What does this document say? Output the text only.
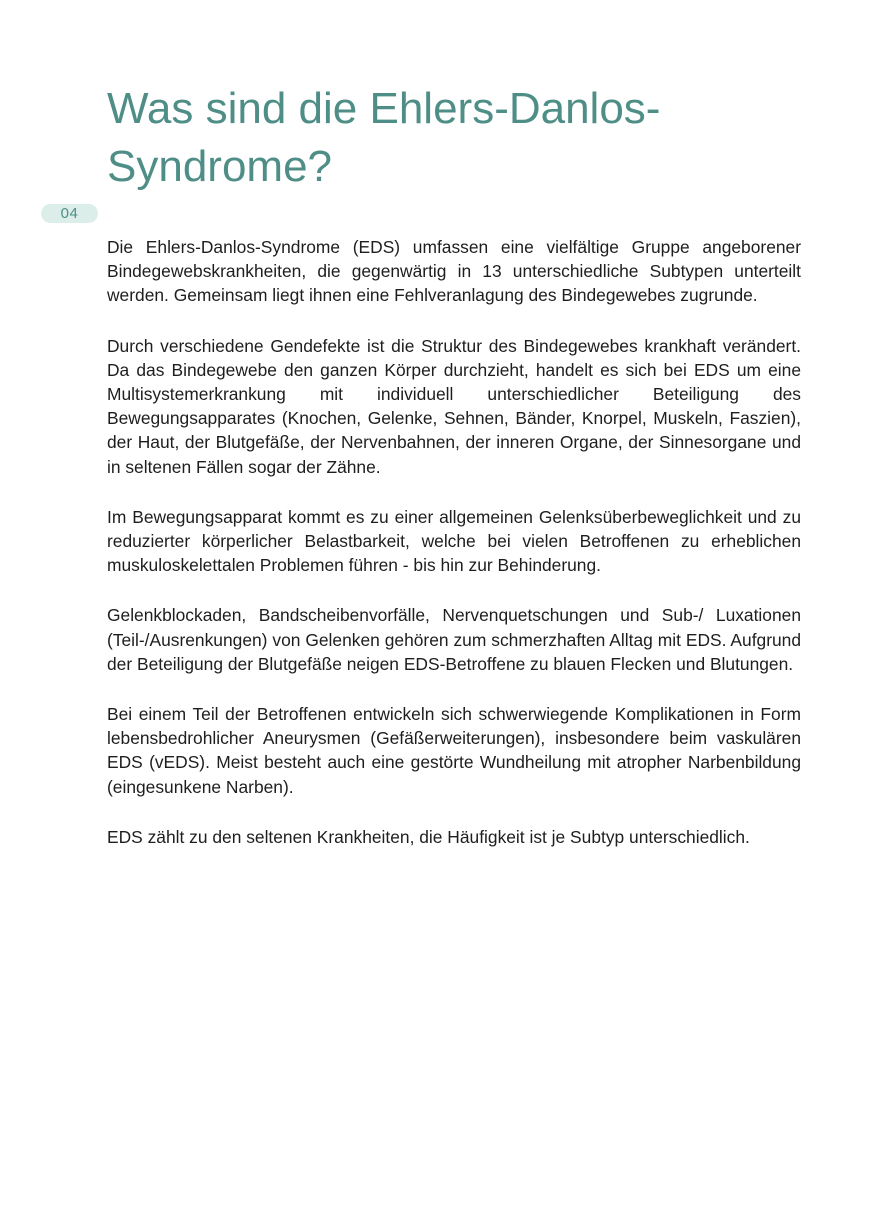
Was sind die Ehlers-Danlos-
Syndrome?
04

Die Ehlers-Danlos-Syndrome (EDS) umfassen eine vielfältige Gruppe angeborener Bindegewebskrankheiten, die gegenwärtig in 13 unterschiedliche Subtypen unterteilt werden. Gemeinsam liegt ihnen eine Fehlveranlagung des Bindegewebes zugrunde.

Durch verschiedene Gendefekte ist die Struktur des Bindegewebes krankhaft verändert. Da das Bindegewebe den ganzen Körper durchzieht, handelt es sich bei EDS um eine Multisystemerkrankung mit individuell unterschiedlicher Beteiligung des Bewegungsapparates (Knochen, Gelenke, Sehnen, Bänder, Knorpel, Muskeln, Faszien), der Haut, der Blutgefäße, der Nervenbahnen, der inneren Organe, der Sinnesorgane und in seltenen Fällen sogar der Zähne.

Im Bewegungsapparat kommt es zu einer allgemeinen Gelenksüberbeweglichkeit und zu reduzierter körperlicher Belastbarkeit, welche bei vielen Betroffenen zu erheblichen muskuloskelettalen Problemen führen - bis hin zur Behinderung.

Gelenkblockaden, Bandscheibenvorfälle, Nervenquetschungen und Sub-/ Luxationen (Teil-/Ausrenkungen) von Gelenken gehören zum schmerzhaften Alltag mit EDS. Aufgrund der Beteiligung der Blutgefäße neigen EDS-Betroffene zu blauen Flecken und Blutungen.

Bei einem Teil der Betroffenen entwickeln sich schwerwiegende Komplikationen in Form lebensbedrohlicher Aneurysmen (Gefäßerweiterungen), insbesondere beim vaskulären EDS (vEDS). Meist besteht auch eine gestörte Wundheilung mit atropher Narbenbildung (eingesunkene Narben).

EDS zählt zu den seltenen Krankheiten, die Häufigkeit ist je Subtyp unterschiedlich.
